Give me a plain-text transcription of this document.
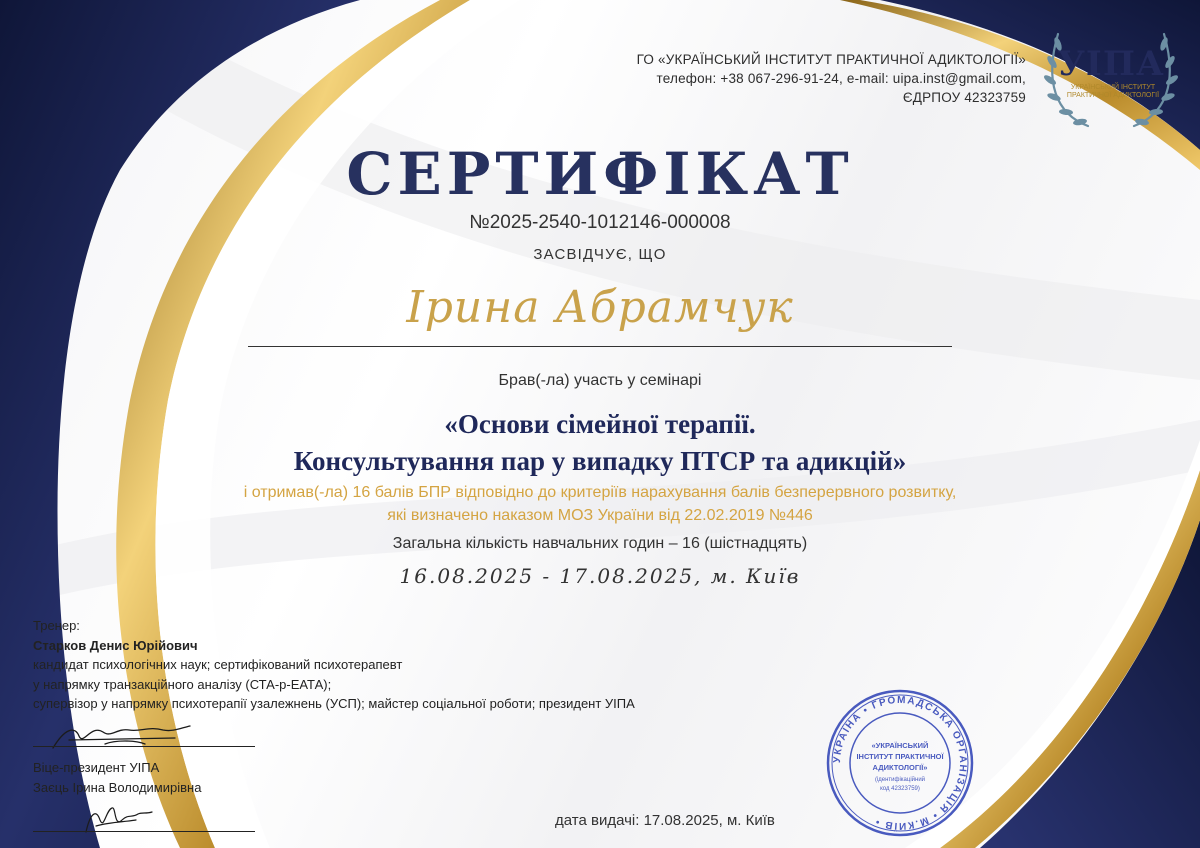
ГО «УКРАЇНСЬКИЙ ІНСТИТУТ ПРАКТИЧНОЇ АДИКТОЛОГІЇ»
телефон: +38 067-296-91-24, e-mail: uipa.inst@gmail.com,
ЄДРПОУ 42323759
УІПА
УКРАЇНСЬКИЙ ІНСТИТУТ ПРАКТИЧНОЇ АДИКТОЛОГІЇ
СЕРТИФІКАТ
№2025-2540-1012146-000008
ЗАСВІДЧУЄ, ЩО
Ірина Абрамчук
Брав(-ла) участь у семінарі
«Основи сімейної терапії.
Консультування пар у випадку ПТСР та адикцій»
і отримав(-ла) 16 балів БПР відповідно до критеріїв нарахування балів безперервного розвитку,
які визначено наказом МОЗ України від 22.02.2019 №446
Загальна кількість навчальних годин – 16 (шістнадцять)
16.08.2025 - 17.08.2025, м. Київ
Тренер:
Старков Денис Юрійович
кандидат психологічних наук; сертифікований психотерапевт
у напрямку транзакційного аналізу (СТА-р-ЕАТА);
супервізор у напрямку психотерапії узалежнень (УСП); майстер соціальної роботи; президент УІПА
Віце-президент УІПА
Заєць Ірина Володимирівна
дата видачі: 17.08.2025, м. Київ
УКРАЇНА • ГРОМАДСЬКА ОРГАНІЗАЦІЯ • М.КИЇВ •
«УКРАЇНСЬКИЙ
ІНСТИТУТ ПРАКТИЧНОЇ
АДИКТОЛОГІЇ»
(ідентифікаційний
код 42323759)
